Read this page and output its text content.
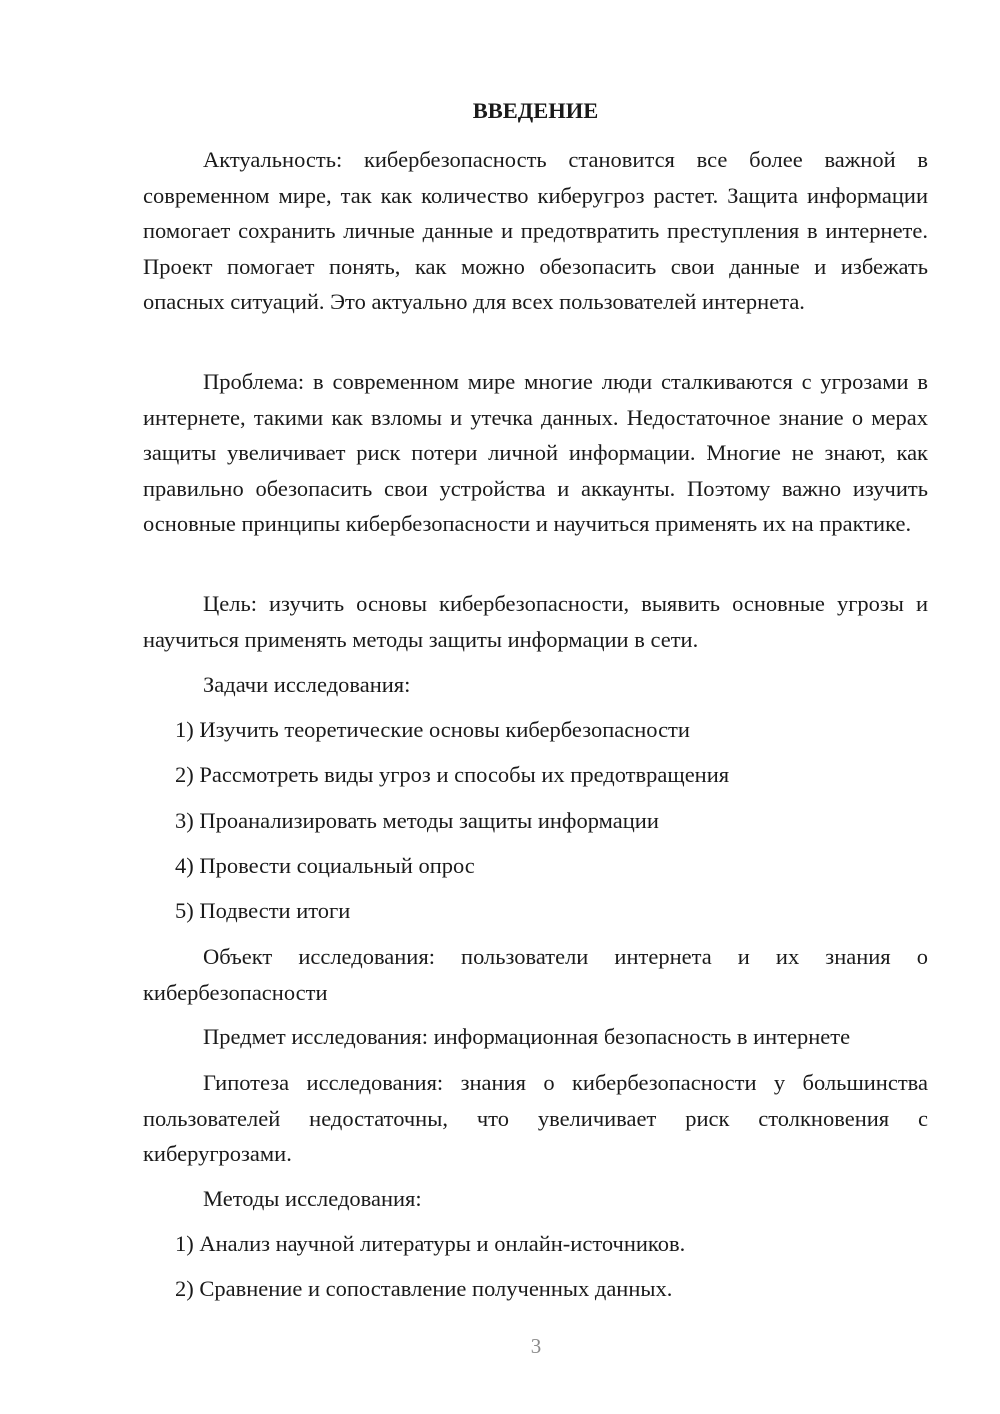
ВВЕДЕНИЕ

Актуальность: кибербезопасность становится все более важной в современном мире, так как количество киберугроз растет. Защита информации помогает сохранить личные данные и предотвратить преступления в интернете. Проект помогает понять, как можно обезопасить свои данные и избежать опасных ситуаций. Это актуально для всех пользователей интернета.

Проблема: в современном мире многие люди сталкиваются с угрозами в интернете, такими как взломы и утечка данных. Недостаточное знание о мерах защиты увеличивает риск потери личной информации. Многие не знают, как правильно обезопасить свои устройства и аккаунты. Поэтому важно изучить основные принципы кибербезопасности и научиться применять их на практике.

Цель: изучить основы кибербезопасности, выявить основные угрозы и научиться применять методы защиты информации в сети.

Задачи исследования:

1) Изучить теоретические основы кибербезопасности

2) Рассмотреть виды угроз и способы их предотвращения

3) Проанализировать методы защиты информации

4) Провести социальный опрос

5) Подвести итоги

Объект исследования: пользователи интернета и их знания о кибербезопасности

Предмет исследования: информационная безопасность в интернете

Гипотеза исследования: знания о кибербезопасности у большинства пользователей недостаточны, что увеличивает риск столкновения с киберугрозами.

Методы исследования:

1) Анализ научной литературы и онлайн-источников.

2) Сравнение и сопоставление полученных данных.

3
